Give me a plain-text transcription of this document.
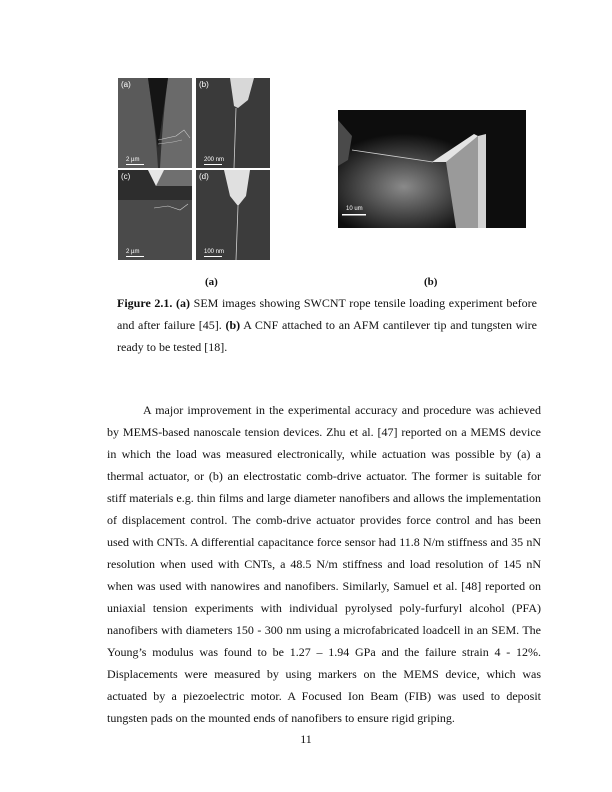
(a)
2 µm
(b)
200 nm
(c)
2 µm
(d)
100 nm
10 um
(a)	(b)

Figure 2.1. (a) SEM images showing SWCNT rope tensile loading experiment before and after failure [45]. (b) A CNF attached to an AFM cantilever tip and tungsten wire ready to be tested [18].

A major improvement in the experimental accuracy and procedure was achieved by MEMS-based nanoscale tension devices. Zhu et al. [47] reported on a MEMS device in which the load was measured electronically, while actuation was possible by (a) a thermal actuator, or (b) an electrostatic comb-drive actuator. The former is suitable for stiff materials e.g. thin films and large diameter nanofibers and allows the implementation of displacement control. The comb-drive actuator provides force control and has been used with CNTs. A differential capacitance force sensor had 11.8 N/m stiffness and 35 nN resolution when used with CNTs, a 48.5 N/m stiffness and load resolution of 145 nN when was used with nanowires and nanofibers. Similarly, Samuel et al. [48] reported on uniaxial tension experiments with individual pyrolysed poly-furfuryl alcohol (PFA) nanofibers with diameters 150 - 300 nm using a microfabricated loadcell in an SEM. The Young’s modulus was found to be 1.27 – 1.94 GPa and the failure strain 4 - 12%. Displacements were measured by using markers on the MEMS device, which was actuated by a piezoelectric motor. A Focused Ion Beam (FIB) was used to deposit tungsten pads on the mounted ends of nanofibers to ensure rigid griping.

11
